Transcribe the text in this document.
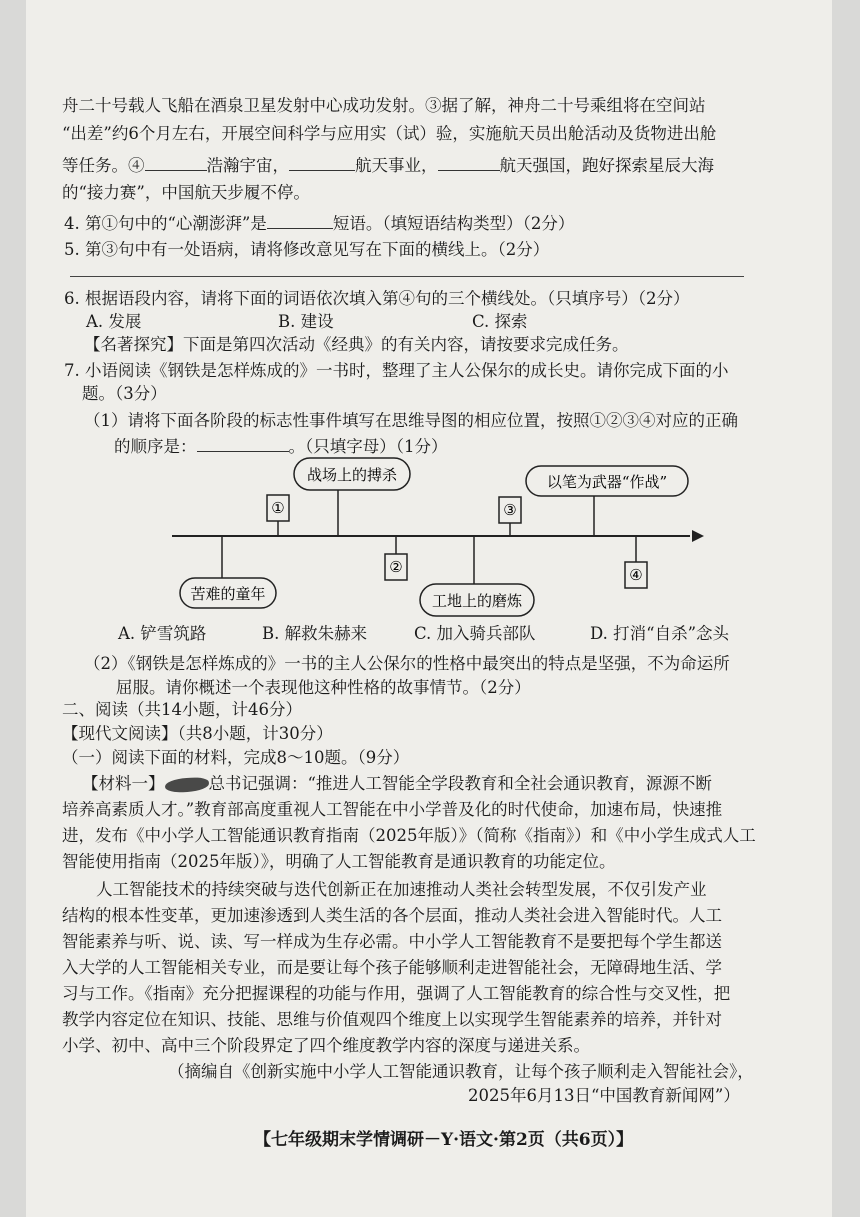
舟二十号载人飞船在酒泉卫星发射中心成功发射。③据了解，神舟二十号乘组将在空间站
“出差”约6个月左右，开展空间科学与应用实（试）验，实施航天员出舱活动及货物进出舱
等任务。④	浩瀚宇宙，	航天事业，	航天强国，跑好探索星辰大海
的“接力赛”，中国航天步履不停。
4. 第①句中的“心潮澎湃”是	短语。（填短语结构类型）（2分）
5. 第③句中有一处语病，请将修改意见写在下面的横线上。（2分）
6. 根据语段内容，请将下面的词语依次填入第④句的三个横线处。（只填序号）（2分）
A. 发展	B. 建设	C. 探索
【名著探究】下面是第四次活动《经典》的有关内容，请按要求完成任务。
7. 小语阅读《钢铁是怎样炼成的》一书时，整理了主人公保尔的成长史。请你完成下面的小
题。（3分）
（1）请将下面各阶段的标志性事件填写在思维导图的相应位置，按照①②③④对应的正确
的顺序是：	。（只填字母）（1分）
①
②
③
④
战场上的搏杀	以笔为武器“作战”
苦难的童年	工地上的磨炼
A. 铲雪筑路	B. 解救朱赫来	C. 加入骑兵部队	D. 打消“自杀”念头
（2）《钢铁是怎样炼成的》一书的主人公保尔的性格中最突出的特点是坚强，不为命运所
屈服。请你概述一个表现他这种性格的故事情节。（2分）
二、阅读（共14小题，计46分）
【现代文阅读】（共8小题，计30分）
（一）阅读下面的材料，完成8～10题。（9分）
【材料一】	总书记强调：“推进人工智能全学段教育和全社会通识教育，源源不断
培养高素质人才。”教育部高度重视人工智能在中小学普及化的时代使命，加速布局，快速推
进，发布《中小学人工智能通识教育指南（2025年版）》（简称《指南》）和《中小学生成式人工
智能使用指南（2025年版）》，明确了人工智能教育是通识教育的功能定位。
人工智能技术的持续突破与迭代创新正在加速推动人类社会转型发展，不仅引发产业
结构的根本性变革，更加速渗透到人类生活的各个层面，推动人类社会进入智能时代。人工
智能素养与听、说、读、写一样成为生存必需。中小学人工智能教育不是要把每个学生都送
入大学的人工智能相关专业，而是要让每个孩子能够顺利走进智能社会，无障碍地生活、学
习与工作。《指南》充分把握课程的功能与作用，强调了人工智能教育的综合性与交叉性，把
教学内容定位在知识、技能、思维与价值观四个维度上以实现学生智能素养的培养，并针对
小学、初中、高中三个阶段界定了四个维度教学内容的深度与递进关系。
（摘编自《创新实施中小学人工智能通识教育，让每个孩子顺利走入智能社会》，
2025年6月13日“中国教育新闻网”）
【七年级期末学情调研－Y·语文·第2页（共6页）】
